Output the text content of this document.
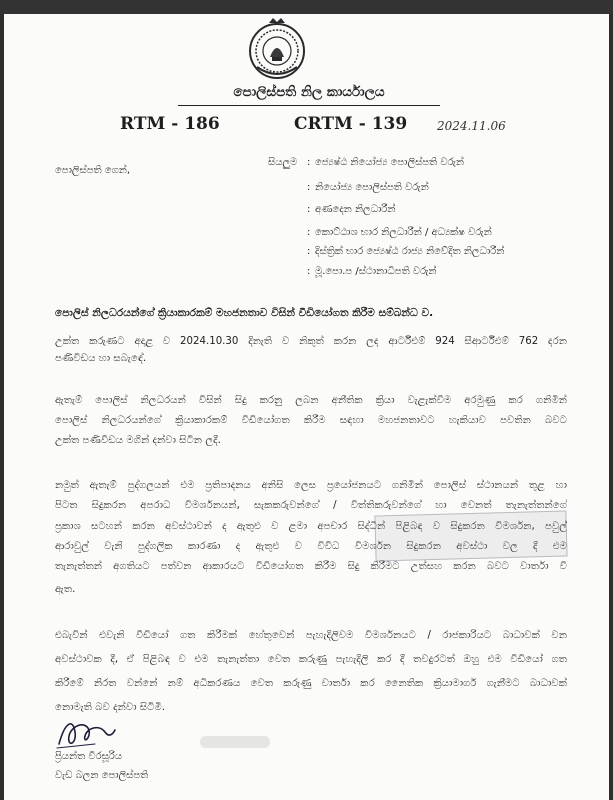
පොලිස්පති නිල කාර්යාලය
RTM - 186	CRTM - 139	2024.11.06
පොලිස්පති ගෙන්,
සියලුම : ජ්‍යෙෂ්ඨ නියෝජ්‍ය පොලිස්පති වරුන්
: නියෝජ්‍ය පොලිස්පති වරුන්
: අණදෙන නිලධාරීන්
: කොට්ඨාශ භාර නිලධාරීන් / අධ්‍යක්ෂ වරුන්
: දිස්ත්‍රික් භාර ජ්‍යෙෂ්ඨ රාජ්‍ය නිවේදිත නිලධාරීන්
: මූ.පො.ප /ස්ථානාධිපති වරුන්
පොලිස් නිලධරයන්ගේ ක්‍රියාකාරකම් මහජනතාව විසින් වීඩියෝගත කිරීම සම්බන්ධ ව.
උක්ත කරුණට අදාළ ව 2024.10.30 දිනැති ව නිකුත් කරන ලද ආර්ටීඑම් 924 සීආර්ටීඑම් 762 දරන
පණිවිඩය හා සබැඳේ.
ඇතැම් පොලිස් නිලධරයන් විසින් සිදු කරනු ලබන අනීතික ක්‍රියා වැළැක්වීම අරමුණු කර ගනිමින්
පොලිස් නිලධරයන්ගේ ක්‍රියාකාරකම් වීඩියෝගත කිරීම සඳහා මහජනතාවට හැකියාව පවතින බවට
උක්ත පණිවිඩය මගින් දන්වා සිටින ලදී.
නමුත් ඇතැම් පුද්ගලයන් එම ප්‍රතිපාදනය අනිසි ලෙස ප්‍රයෝජනයට ගනිමින් පොලිස් ස්ථානයන් තුළ හා
පිටත සිදුකරන අපරාධ විමර්ශනයන්, සැකකරුවන්ගේ / විත්තිකරුවන්ගේ හා වෙනත් තැනැත්තන්ගේ
ප්‍රකාශ සටහන් කරන අවස්ථාවන් ද ඇතුළු ව ළමා අපචාර සිද්ධීන් පිළිබඳ ව සිදුකරන විමර්ශන, පවුල්
ආරාවුල් වැනි පුද්ගලික කාරණා ද ඇතුළු ව විවිධ විමර්ශන සිදුකරන අවස්ථා වල දී එම
තැනැත්තන් අගතියට පත්වන ආකාරයට වීඩියෝගත කිරීම සිදු කිරීමට උත්සහ කරන බවට වාර්තා වී
ඇත.
එබැවින් එවැනි වීඩියෝ ගත කිරීමක් හේතුවෙන් පැහැදිලිවම විමර්ශනයට / රාජකාරියට බාධාවක් වන
අවස්ථාවක දී, ඒ පිළිබඳ ව එම තැනැත්තා වෙත කරුණු පැහැදිලි කර දී තවදුරටත් ඔහු එම වීඩියෝ ගත
කිරීමේ නිරත වන්නේ නම් අධිකරණය වෙත කරුණු වාර්තා කර නෛතික ක්‍රියාමාර්ග ගැනීමට බාධාවක්
නොමැති බව දන්වා සිටිමි.
ප්‍රියන්ත වීරසූරිය
වැඩ බලන පොලිස්පති
